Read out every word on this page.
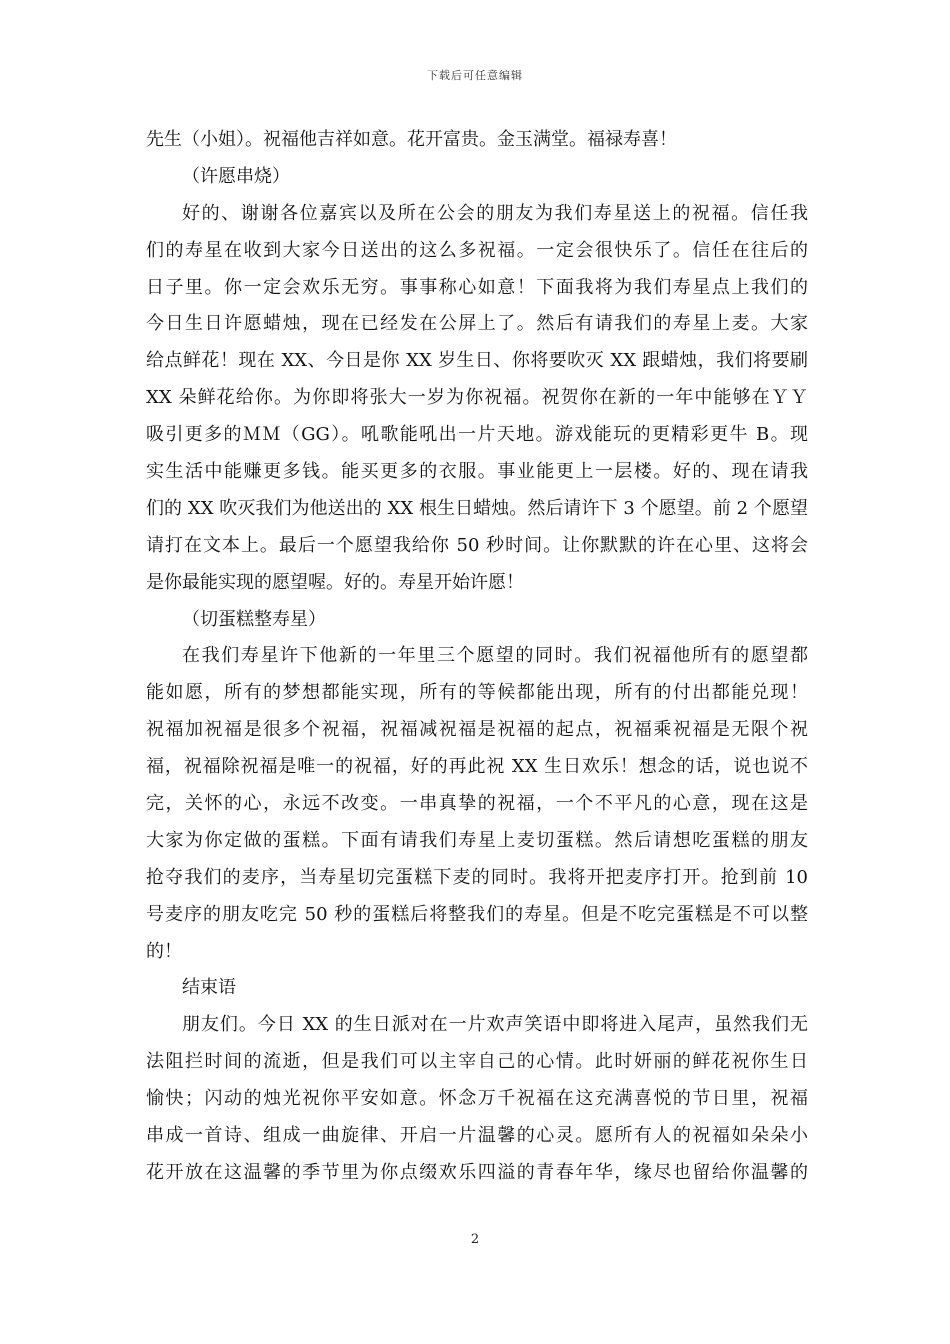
下载后可任意编辑
先生（小姐）。祝福他吉祥如意。花开富贵。金玉满堂。福禄寿喜！
（许愿串烧）
好的、谢谢各位嘉宾以及所在公会的朋友为我们寿星送上的祝福。信任我
们的寿星在收到大家今日送出的这么多祝福。一定会很快乐了。信任在往后的
日子里。你一定会欢乐无穷。事事称心如意！下面我将为我们寿星点上我们的
今日生日许愿蜡烛，现在已经发在公屏上了。然后有请我们的寿星上麦。大家
给点鲜花！现在 XX、今日是你 XX 岁生日、你将要吹灭 XX 跟蜡烛，我们将要刷
XX 朵鲜花给你。为你即将张大一岁为你祝福。祝贺你在新的一年中能够在ＹＹ
吸引更多的ＭＭ（GG）。吼歌能吼出一片天地。游戏能玩的更精彩更牛 B。现
实生活中能赚更多钱。能买更多的衣服。事业能更上一层楼。好的、现在请我
们的 XX 吹灭我们为他送出的 XX 根生日蜡烛。然后请许下 3 个愿望。前 2 个愿望
请打在文本上。最后一个愿望我给你 50 秒时间。让你默默的许在心里、这将会
是你最能实现的愿望喔。好的。寿星开始许愿！
（切蛋糕整寿星）
在我们寿星许下他新的一年里三个愿望的同时。我们祝福他所有的愿望都
能如愿，所有的梦想都能实现，所有的等候都能出现，所有的付出都能兑现！
祝福加祝福是很多个祝福，祝福减祝福是祝福的起点，祝福乘祝福是无限个祝
福，祝福除祝福是唯一的祝福，好的再此祝 XX 生日欢乐！想念的话，说也说不
完，关怀的心，永远不改变。一串真挚的祝福，一个不平凡的心意，现在这是
大家为你定做的蛋糕。下面有请我们寿星上麦切蛋糕。然后请想吃蛋糕的朋友
抢夺我们的麦序，当寿星切完蛋糕下麦的同时。我将开把麦序打开。抢到前 10
号麦序的朋友吃完 50 秒的蛋糕后将整我们的寿星。但是不吃完蛋糕是不可以整
的！
结束语
朋友们。今日 XX 的生日派对在一片欢声笑语中即将进入尾声，虽然我们无
法阻拦时间的流逝，但是我们可以主宰自己的心情。此时妍丽的鲜花祝你生日
愉快；闪动的烛光祝你平安如意。怀念万千祝福在这充满喜悦的节日里，祝福
串成一首诗、组成一曲旋律、开启一片温馨的心灵。愿所有人的祝福如朵朵小
花开放在这温馨的季节里为你点缀欢乐四溢的青春年华，缘尽也留给你温馨的
2
